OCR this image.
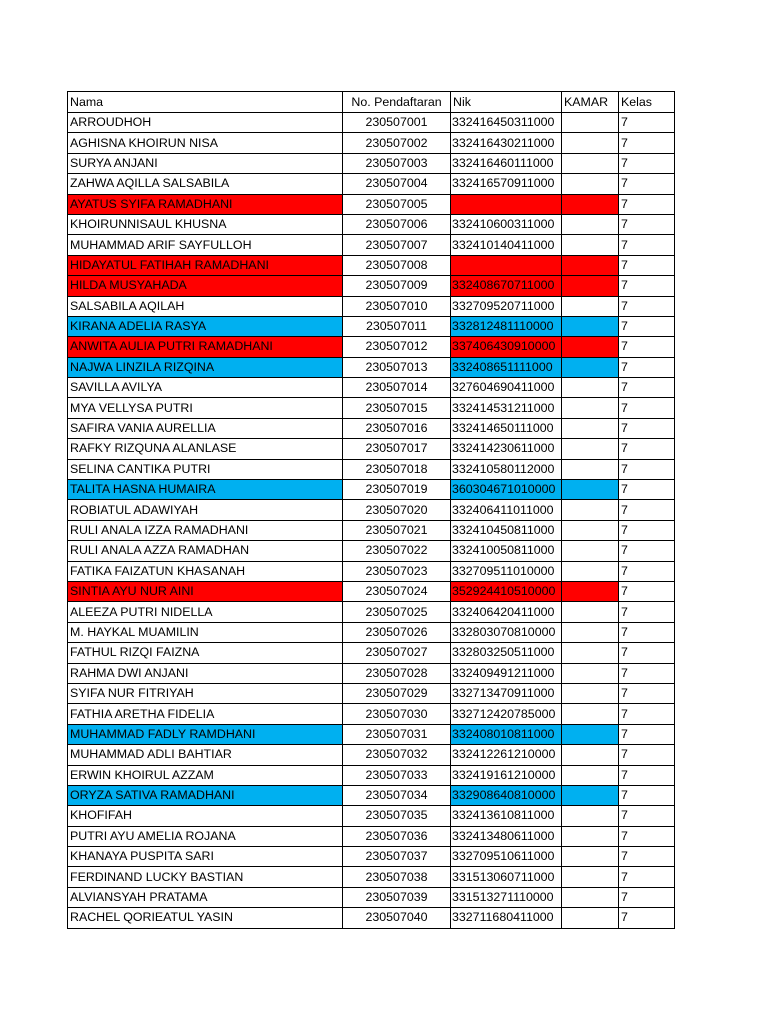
Nama	No. Pendaftaran	Nik	KAMAR	Kelas
ARROUDHOH	230507001	332416450311000		7
AGHISNA KHOIRUN NISA	230507002	332416430211000		7
SURYA ANJANI	230507003	332416460111000		7
ZAHWA AQILLA SALSABILA	230507004	332416570911000		7
AYATUS SYIFA RAMADHANI	230507005			7
KHOIRUNNISAUL KHUSNA	230507006	332410600311000		7
MUHAMMAD ARIF SAYFULLOH	230507007	332410140411000		7
HIDAYATUL FATIHAH RAMADHANI	230507008			7
HILDA MUSYAHADA	230507009	332408670711000		7
SALSABILA AQILAH	230507010	332709520711000		7
KIRANA ADELIA RASYA	230507011	332812481110000		7
ANWITA AULIA PUTRI RAMADHANI	230507012	337406430910000		7
NAJWA LINZILA RIZQINA	230507013	332408651111000		7
SAVILLA AVILYA	230507014	327604690411000		7
MYA VELLYSA PUTRI	230507015	332414531211000		7
SAFIRA VANIA AURELLIA	230507016	332414650111000		7
RAFKY RIZQUNA ALANLASE	230507017	332414230611000		7
SELINA CANTIKA PUTRI	230507018	332410580112000		7
TALITA HASNA HUMAIRA	230507019	360304671010000		7
ROBIATUL ADAWIYAH	230507020	332406411011000		7
RULI ANALA IZZA RAMADHANI	230507021	332410450811000		7
RULI ANALA AZZA RAMADHAN	230507022	332410050811000		7
FATIKA FAIZATUN KHASANAH	230507023	332709511010000		7
SINTIA AYU NUR AINI	230507024	352924410510000		7
ALEEZA PUTRI NIDELLA	230507025	332406420411000		7
M. HAYKAL MUAMILIN	230507026	332803070810000		7
FATHUL RIZQI FAIZNA	230507027	332803250511000		7
RAHMA DWI ANJANI	230507028	332409491211000		7
SYIFA NUR FITRIYAH	230507029	332713470911000		7
FATHIA ARETHA FIDELIA	230507030	332712420785000		7
MUHAMMAD FADLY RAMDHANI	230507031	332408010811000		7
MUHAMMAD ADLI BAHTIAR	230507032	332412261210000		7
ERWIN KHOIRUL AZZAM	230507033	332419161210000		7
ORYZA SATIVA RAMADHANI	230507034	332908640810000		7
KHOFIFAH	230507035	332413610811000		7
PUTRI AYU AMELIA ROJANA	230507036	332413480611000		7
KHANAYA PUSPITA SARI	230507037	332709510611000		7
FERDINAND LUCKY BASTIAN	230507038	331513060711000		7
ALVIANSYAH PRATAMA	230507039	331513271110000		7
RACHEL QORIEATUL YASIN	230507040	332711680411000		7
